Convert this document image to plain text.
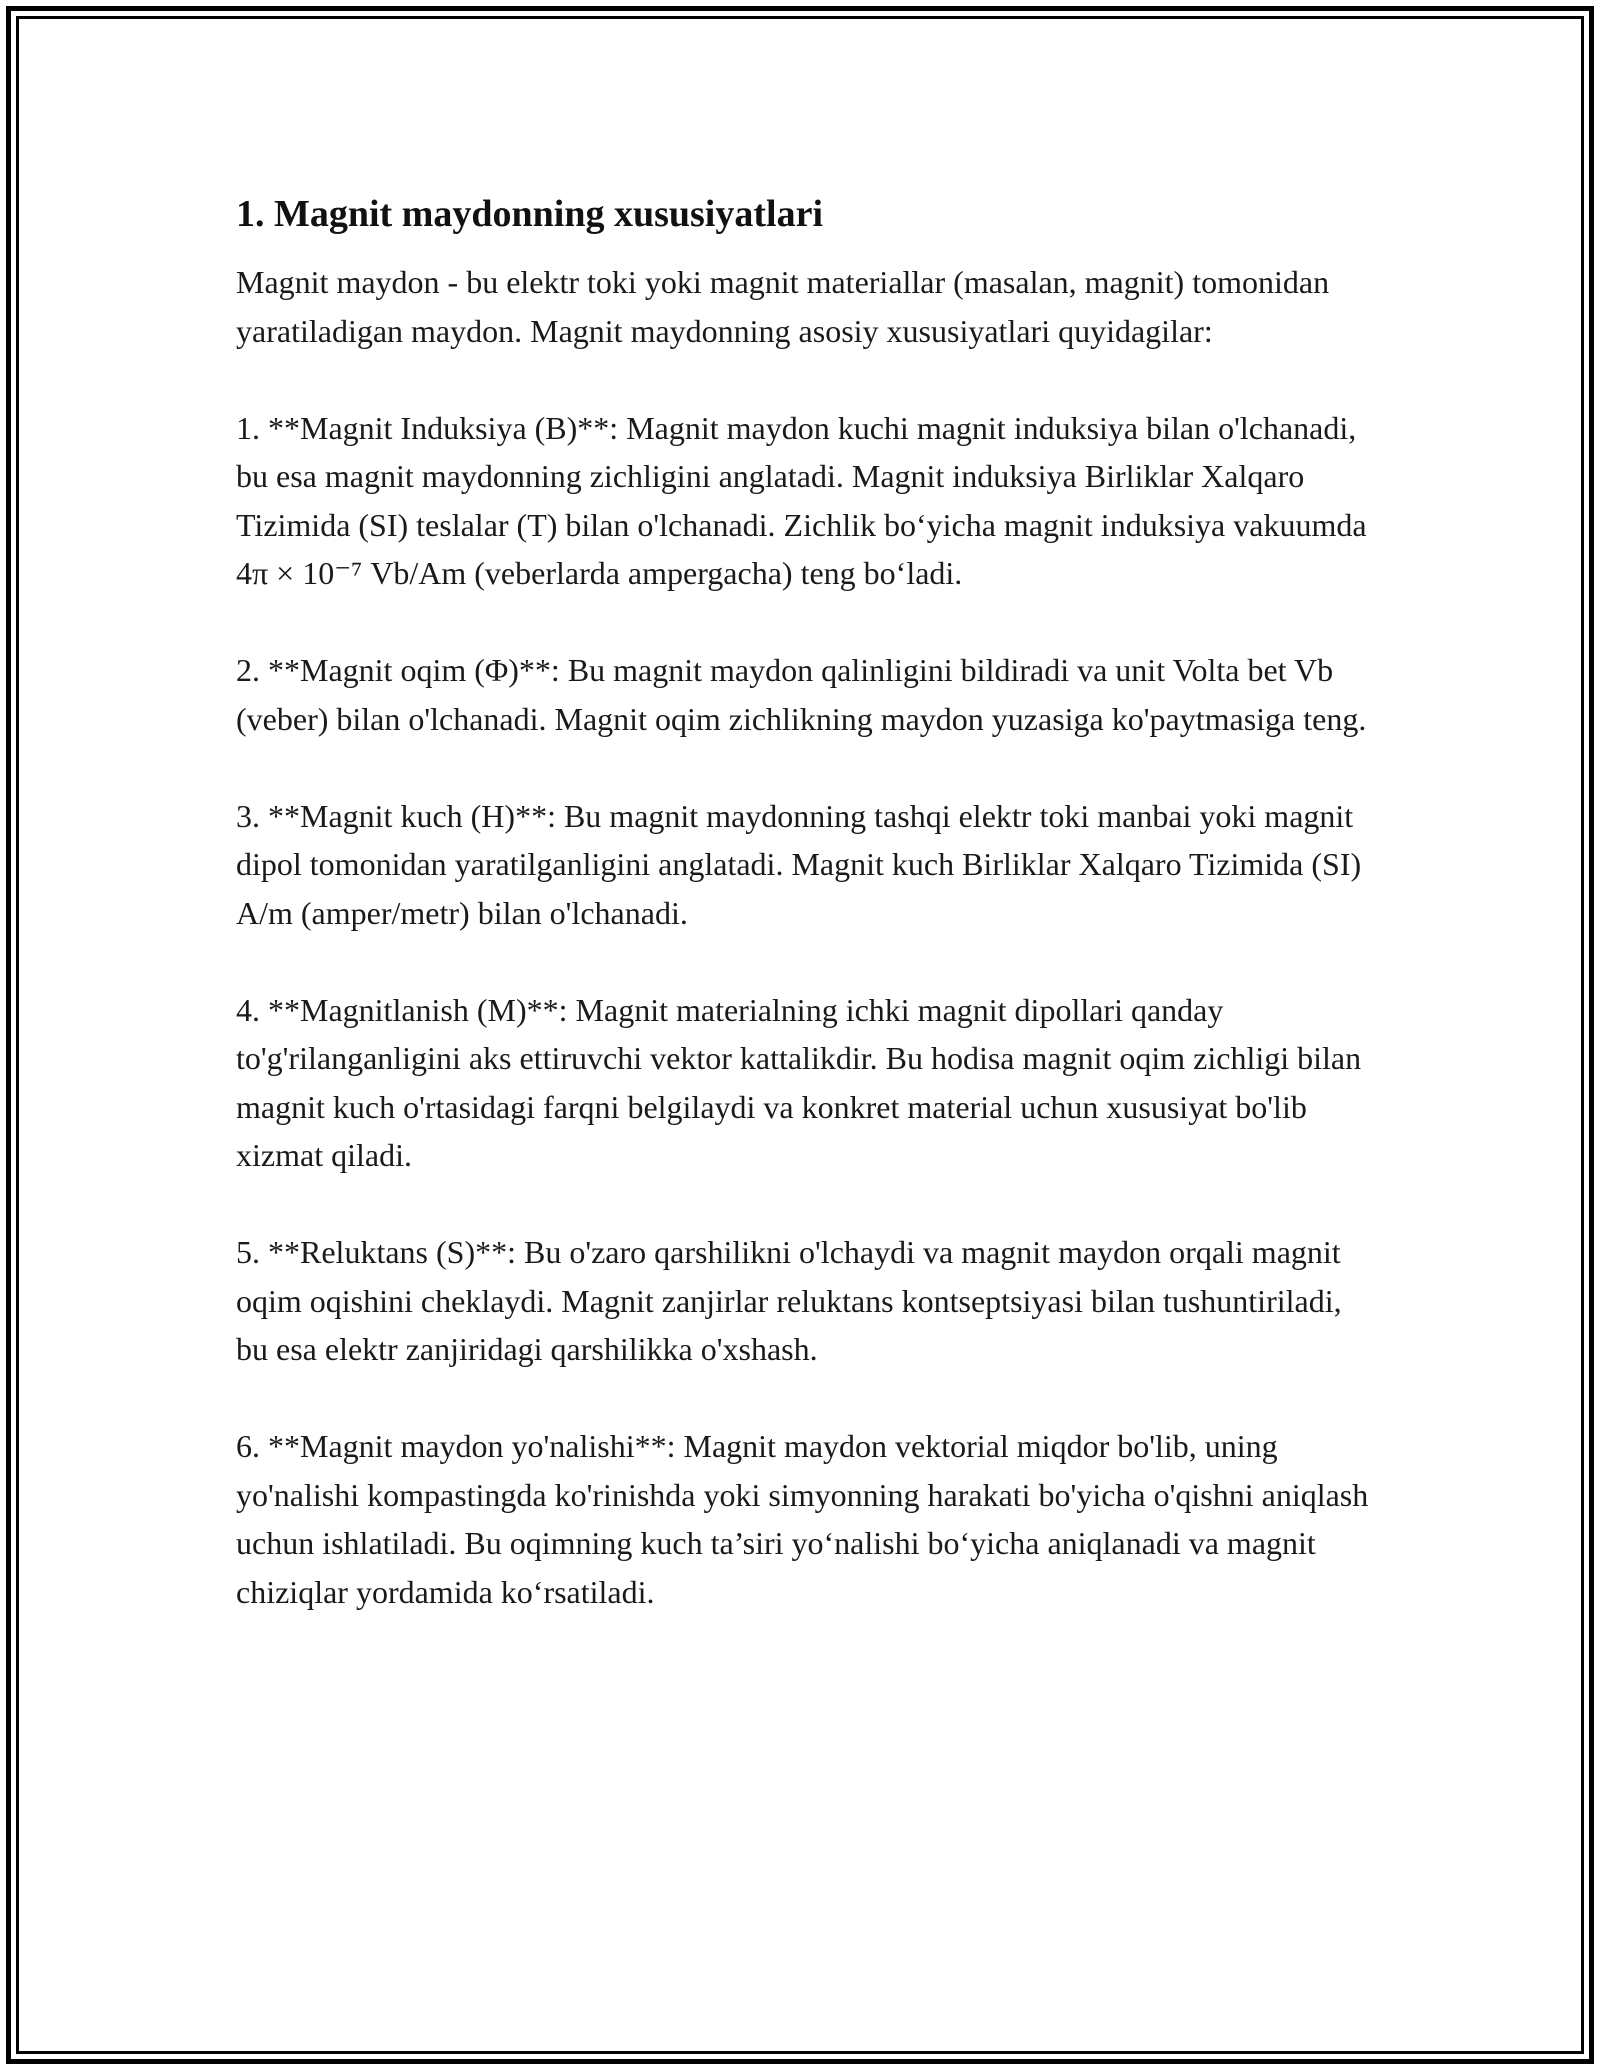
1. Magnit maydonning xususiyatlari

Magnit maydon - bu elektr toki yoki magnit materiallar (masalan, magnit) tomonidan yaratiladigan maydon. Magnit maydonning asosiy xususiyatlari quyidagilar:

1. **Magnit Induksiya (B)**: Magnit maydon kuchi magnit induksiya bilan o'lchanadi, bu esa magnit maydonning zichligini anglatadi. Magnit induksiya Birliklar Xalqaro Tizimida (SI) teslalar (T) bilan o'lchanadi. Zichlik bo‘yicha magnit induksiya vakuumda 4π × 10⁻⁷ Vb/Am (veberlarda ampergacha) teng bo‘ladi.

2. **Magnit oqim (Φ)**: Bu magnit maydon qalinligini bildiradi va unit Volta bet Vb (veber) bilan o'lchanadi. Magnit oqim zichlikning maydon yuzasiga ko'paytmasiga teng.

3. **Magnit kuch (H)**: Bu magnit maydonning tashqi elektr toki manbai yoki magnit dipol tomonidan yaratilganligini anglatadi. Magnit kuch Birliklar Xalqaro Tizimida (SI) A/m (amper/metr) bilan o'lchanadi.

4. **Magnitlanish (M)**: Magnit materialning ichki magnit dipollari qanday to'g'rilanganligini aks ettiruvchi vektor kattalikdir. Bu hodisa magnit oqim zichligi bilan magnit kuch o'rtasidagi farqni belgilaydi va konkret material uchun xususiyat bo'lib xizmat qiladi.

5. **Reluktans (S)**: Bu o'zaro qarshilikni o'lchaydi va magnit maydon orqali magnit oqim oqishini cheklaydi. Magnit zanjirlar reluktans kontseptsiyasi bilan tushuntiriladi, bu esa elektr zanjiridagi qarshilikka o'xshash.

6. **Magnit maydon yo'nalishi**: Magnit maydon vektorial miqdor bo'lib, uning yo'nalishi kompastingda ko'rinishda yoki simyonning harakati bo'yicha o'qishni aniqlash uchun ishlatiladi. Bu oqimning kuch ta’siri yo‘nalishi bo‘yicha aniqlanadi va magnit chiziqlar yordamida ko‘rsatiladi.
